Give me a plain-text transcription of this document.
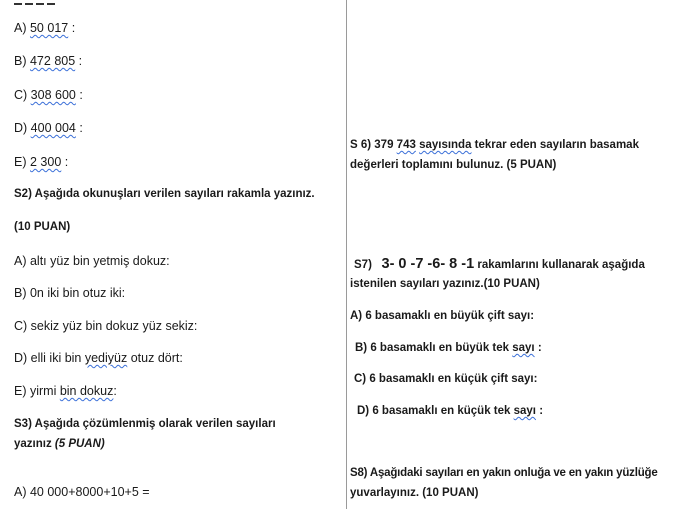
A) 50 017 :
B) 472 805 :
C) 308 600 :
D) 400 004 :
E) 2 300 :
S2) Aşağıda okunuşları verilen sayıları rakamla yazınız.
(10 PUAN)
A) altı yüz bin yetmiş dokuz:
B) 0n iki bin otuz iki:
C) sekiz yüz bin dokuz yüz sekiz:
D) elli iki bin yediyüz otuz dört:
E) yirmi bin dokuz:
S3) Aşağıda çözümlenmiş olarak verilen sayıları
yazınız (5 PUAN)
A) 40 000+8000+10+5 =
S 6) 379 743 sayısında tekrar eden sayıların basamak
değerleri toplamını bulunuz. (5 PUAN)
S7) 3- 0 -7 -6- 8 -1 rakamlarını kullanarak aşağıda
istenilen sayıları yazınız.(10 PUAN)
A) 6 basamaklı en büyük çift sayı:
B) 6 basamaklı en büyük tek sayı :
C) 6 basamaklı en küçük çift sayı:
D) 6 basamaklı en küçük tek sayı :
S8) Aşağıdaki sayıları en yakın onluğa ve en yakın yüzlüğe
yuvarlayınız. (10 PUAN)
